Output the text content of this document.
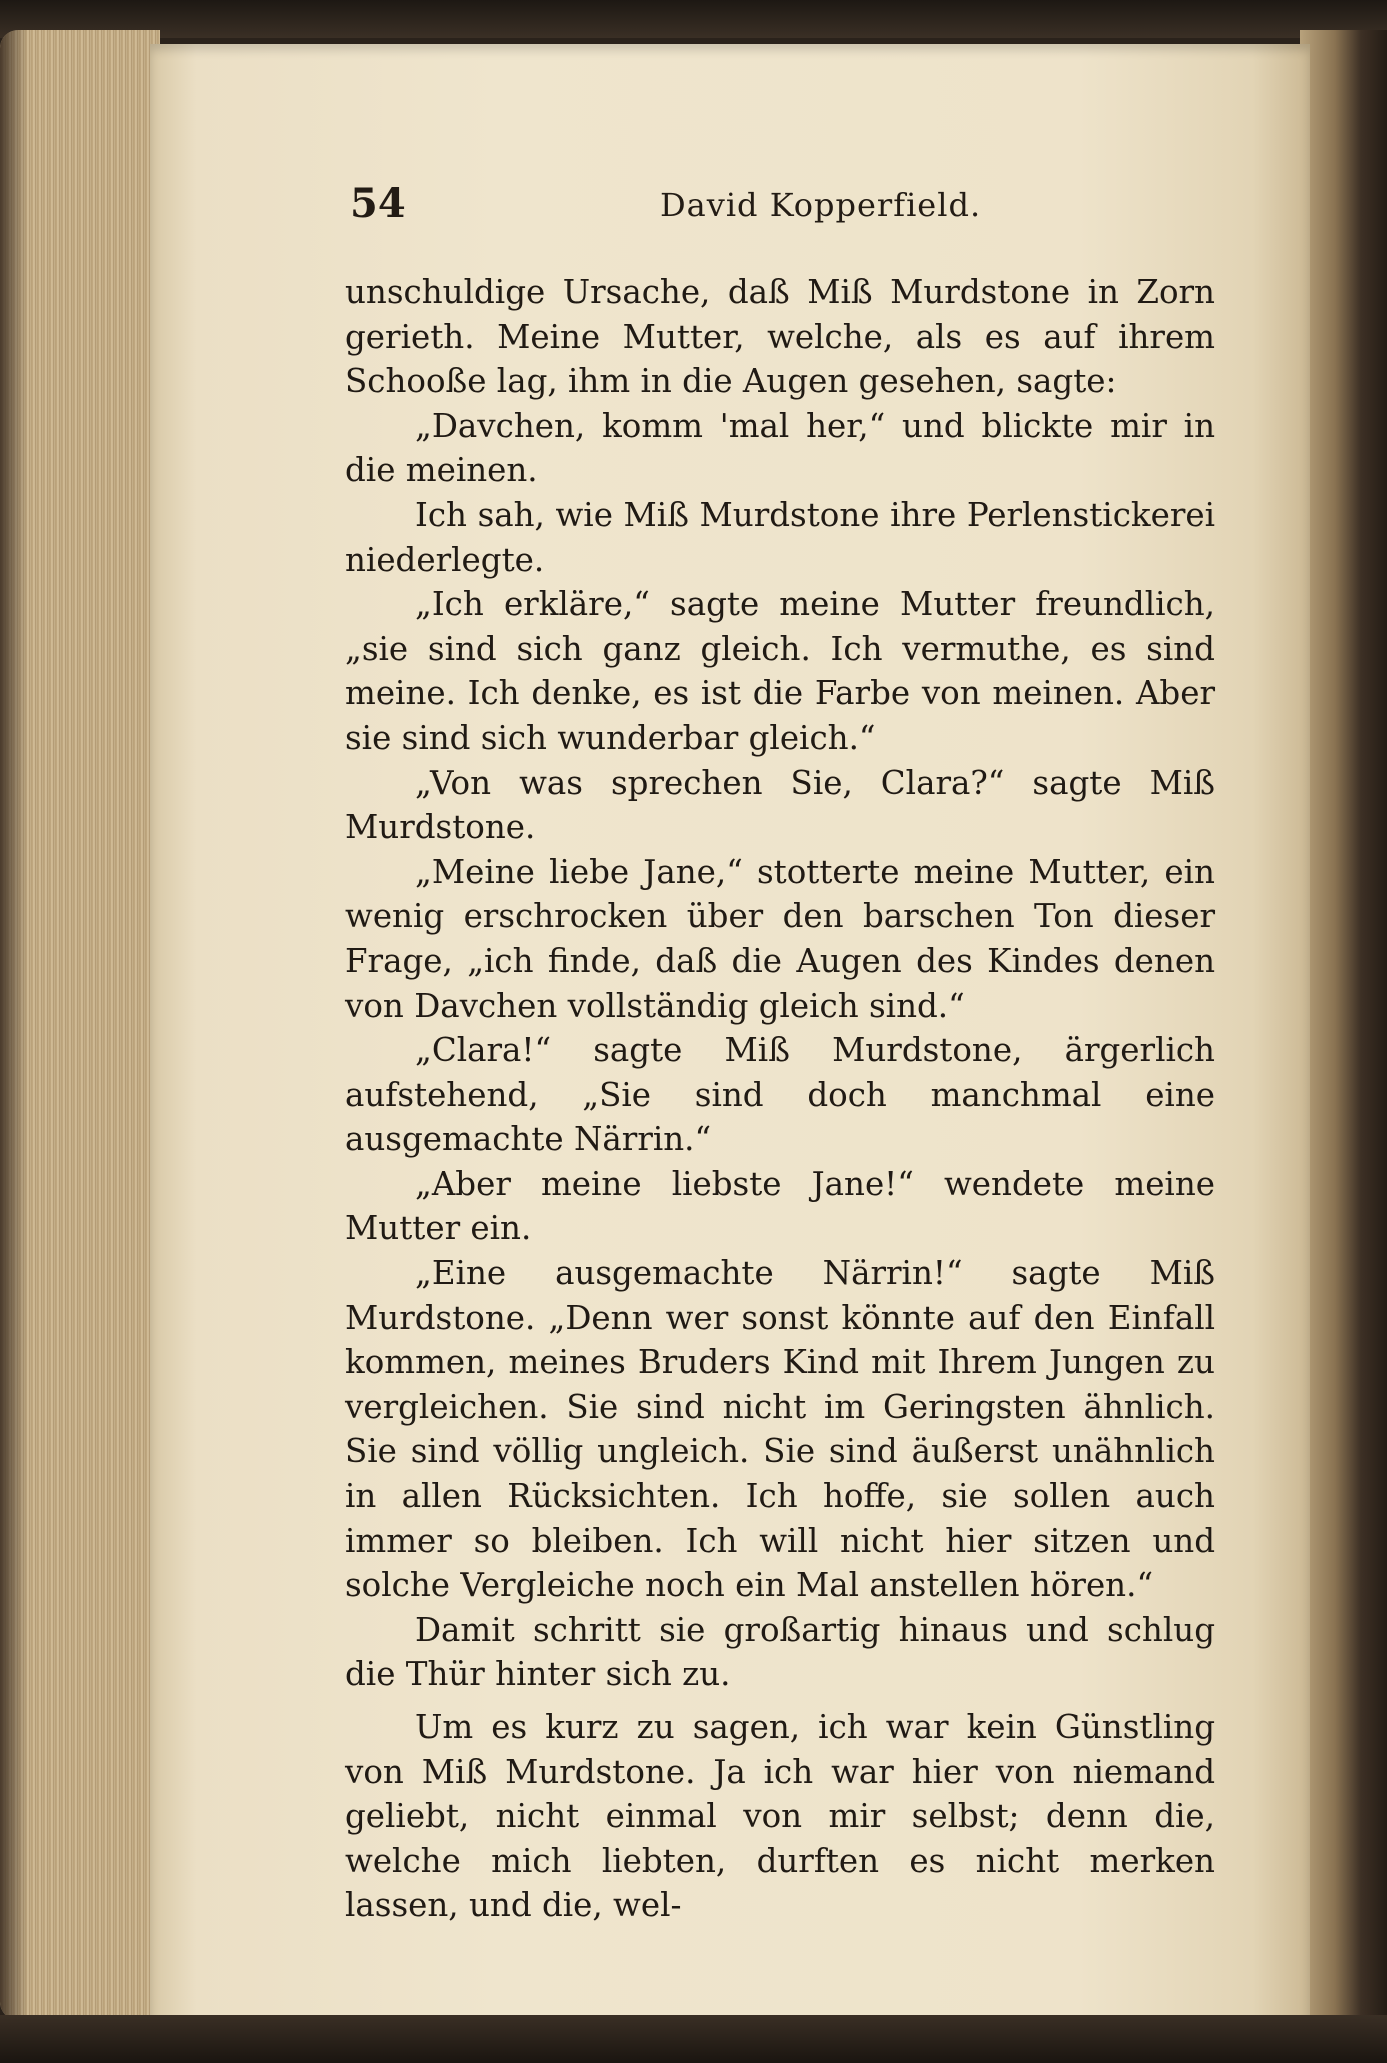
54	David Kopperfield.

unschuldige Ursache, daß Miß Murdstone in Zorn gerieth. Meine Mutter, welche, als es auf ihrem Schooße lag, ihm in die Augen gesehen, sagte:

„Davchen, komm 'mal her,“ und blickte mir in die meinen.

Ich sah, wie Miß Murdstone ihre Perlenstickerei niederlegte.

„Ich erkläre,“ sagte meine Mutter freundlich, „sie sind sich ganz gleich. Ich vermuthe, es sind meine. Ich denke, es ist die Farbe von meinen. Aber sie sind sich wunderbar gleich.“

„Von was sprechen Sie, Clara?“ sagte Miß Murdstone.

„Meine liebe Jane,“ stotterte meine Mutter, ein wenig erschrocken über den barschen Ton dieser Frage, „ich finde, daß die Augen des Kindes denen von Davchen vollständig gleich sind.“

„Clara!“ sagte Miß Murdstone, ärgerlich aufstehend, „Sie sind doch manchmal eine ausgemachte Närrin.“

„Aber meine liebste Jane!“ wendete meine Mutter ein.

„Eine ausgemachte Närrin!“ sagte Miß Murdstone. „Denn wer sonst könnte auf den Einfall kommen, meines Bruders Kind mit Ihrem Jungen zu vergleichen. Sie sind nicht im Geringsten ähnlich. Sie sind völlig ungleich. Sie sind äußerst unähnlich in allen Rücksichten. Ich hoffe, sie sollen auch immer so bleiben. Ich will nicht hier sitzen und solche Vergleiche noch ein Mal anstellen hören.“

Damit schritt sie großartig hinaus und schlug die Thür hinter sich zu.

Um es kurz zu sagen, ich war kein Günstling von Miß Murdstone. Ja ich war hier von niemand geliebt, nicht einmal von mir selbst; denn die, welche mich liebten, durften es nicht merken lassen, und die, wel-
